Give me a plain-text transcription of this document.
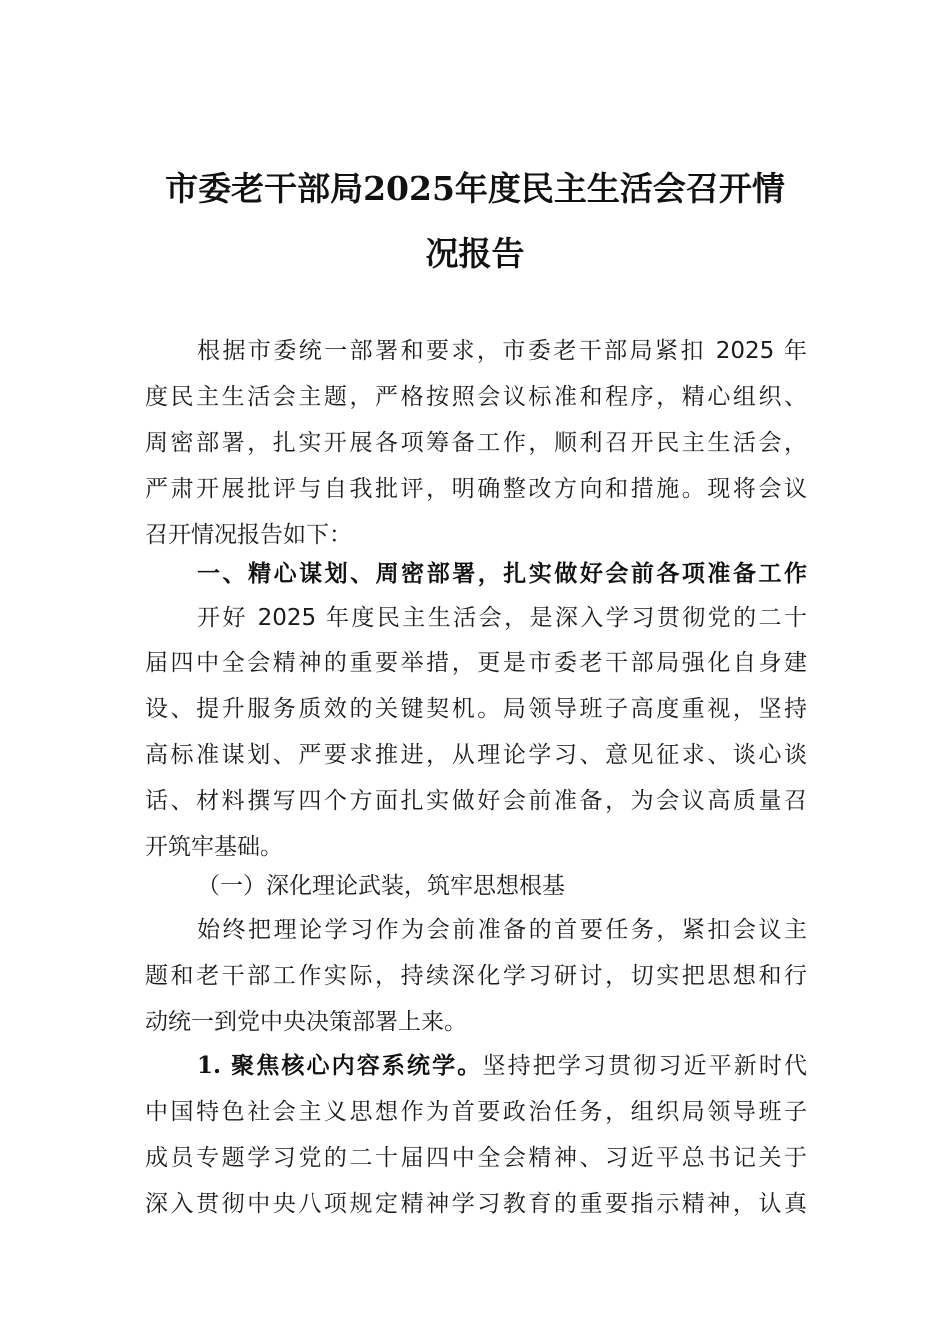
市委老干部局2025年度民主生活会召开情
况报告
根据市委统一部署和要求，市委老干部局紧扣 2025 年
度民主生活会主题，严格按照会议标准和程序，精心组织、
周密部署，扎实开展各项筹备工作，顺利召开民主生活会，
严肃开展批评与自我批评，明确整改方向和措施。现将会议
召开情况报告如下：
一、精心谋划、周密部署，扎实做好会前各项准备工作
开好 2025 年度民主生活会，是深入学习贯彻党的二十
届四中全会精神的重要举措，更是市委老干部局强化自身建
设、提升服务质效的关键契机。局领导班子高度重视，坚持
高标准谋划、严要求推进，从理论学习、意见征求、谈心谈
话、材料撰写四个方面扎实做好会前准备，为会议高质量召
开筑牢基础。
（一）深化理论武装，筑牢思想根基
始终把理论学习作为会前准备的首要任务，紧扣会议主
题和老干部工作实际，持续深化学习研讨，切实把思想和行
动统一到党中央决策部署上来。
1. 聚焦核心内容系统学。坚持把学习贯彻习近平新时代
中国特色社会主义思想作为首要政治任务，组织局领导班子
成员专题学习党的二十届四中全会精神、习近平总书记关于
深入贯彻中央八项规定精神学习教育的重要指示精神，认真
